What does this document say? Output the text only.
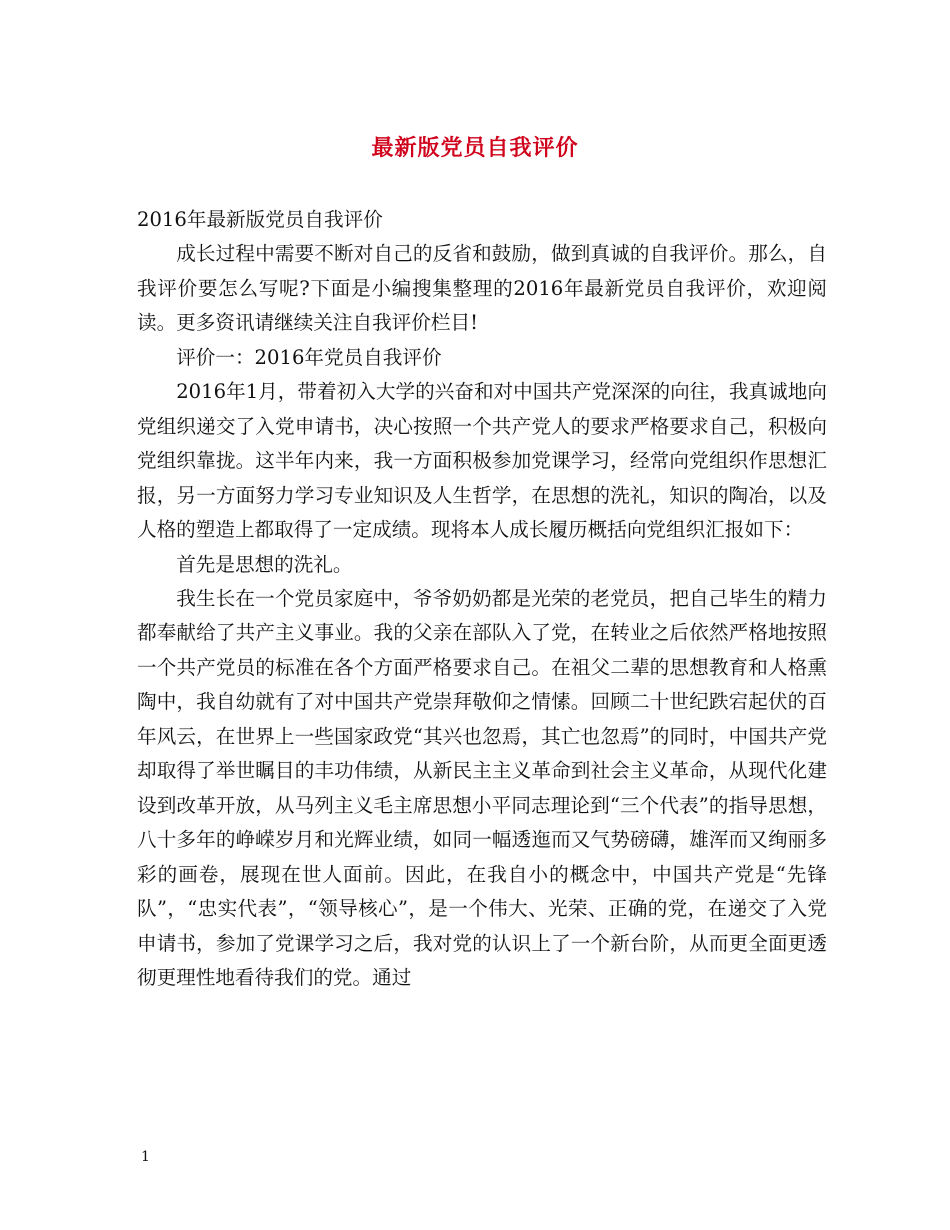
最新版党员自我评价

2016年最新版党员自我评价

成长过程中需要不断对自己的反省和鼓励，做到真诚的自我评价。那么，自我评价要怎么写呢?下面是小编搜集整理的2016年最新党员自我评价，欢迎阅读。更多资讯请继续关注自我评价栏目!

评价一：2016年党员自我评价

2016年1月，带着初入大学的兴奋和对中国共产党深深的向往，我真诚地向党组织递交了入党申请书，决心按照一个共产党人的要求严格要求自己，积极向党组织靠拢。这半年内来，我一方面积极参加党课学习，经常向党组织作思想汇报，另一方面努力学习专业知识及人生哲学，在思想的洗礼，知识的陶冶，以及人格的塑造上都取得了一定成绩。现将本人成长履历概括向党组织汇报如下：

首先是思想的洗礼。

我生长在一个党员家庭中，爷爷奶奶都是光荣的老党员，把自己毕生的精力都奉献给了共产主义事业。我的父亲在部队入了党，在转业之后依然严格地按照一个共产党员的标准在各个方面严格要求自己。在祖父二辈的思想教育和人格熏陶中，我自幼就有了对中国共产党崇拜敬仰之情愫。回顾二十世纪跌宕起伏的百年风云，在世界上一些国家政党“其兴也忽焉，其亡也忽焉”的同时，中国共产党却取得了举世瞩目的丰功伟绩，从新民主主义革命到社会主义革命，从现代化建设到改革开放，从马列主义毛主席思想小平同志理论到“三个代表”的指导思想，八十多年的峥嵘岁月和光辉业绩，如同一幅透迤而又气势磅礴，雄浑而又绚丽多彩的画卷，展现在世人面前。因此，在我自小的概念中，中国共产党是“先锋队”，“忠实代表”，“领导核心”，是一个伟大、光荣、正确的党，在递交了入党申请书，参加了党课学习之后，我对党的认识上了一个新台阶，从而更全面更透彻更理性地看待我们的党。通过

1
